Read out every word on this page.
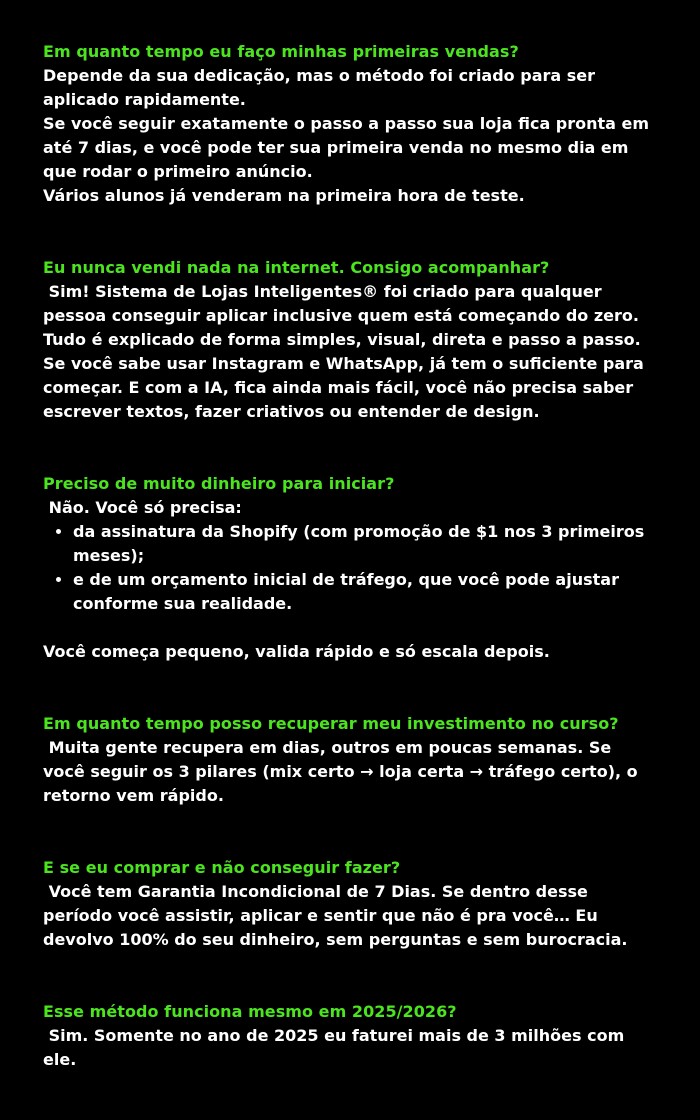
Em quanto tempo eu faço minhas primeiras vendas?

Depende da sua dedicação, mas o método foi criado para ser aplicado rapidamente.

Se você seguir exatamente o passo a passo sua loja fica pronta em até 7 dias, e você pode ter sua primeira venda no mesmo dia em que rodar o primeiro anúncio.

Vários alunos já venderam na primeira hora de teste.

Eu nunca vendi nada na internet. Consigo acompanhar?

Sim! Sistema de Lojas Inteligentes® foi criado para qualquer pessoa conseguir aplicar inclusive quem está começando do zero.

Tudo é explicado de forma simples, visual, direta e passo a passo.

Se você sabe usar Instagram e WhatsApp, já tem o suficiente para começar. E com a IA, fica ainda mais fácil, você não precisa saber escrever textos, fazer criativos ou entender de design.

Preciso de muito dinheiro para iniciar?

Não. Você só precisa:

• da assinatura da Shopify (com promoção de $1 nos 3 primeiros meses);
• e de um orçamento inicial de tráfego, que você pode ajustar conforme sua realidade.

Você começa pequeno, valida rápido e só escala depois.

Em quanto tempo posso recuperar meu investimento no curso?

Muita gente recupera em dias, outros em poucas semanas. Se você seguir os 3 pilares (mix certo → loja certa → tráfego certo), o retorno vem rápido.

E se eu comprar e não conseguir fazer?

Você tem Garantia Incondicional de 7 Dias. Se dentro desse período você assistir, aplicar e sentir que não é pra você… Eu devolvo 100% do seu dinheiro, sem perguntas e sem burocracia.

Esse método funciona mesmo em 2025/2026?

Sim. Somente no ano de 2025 eu faturei mais de 3 milhões com ele.
